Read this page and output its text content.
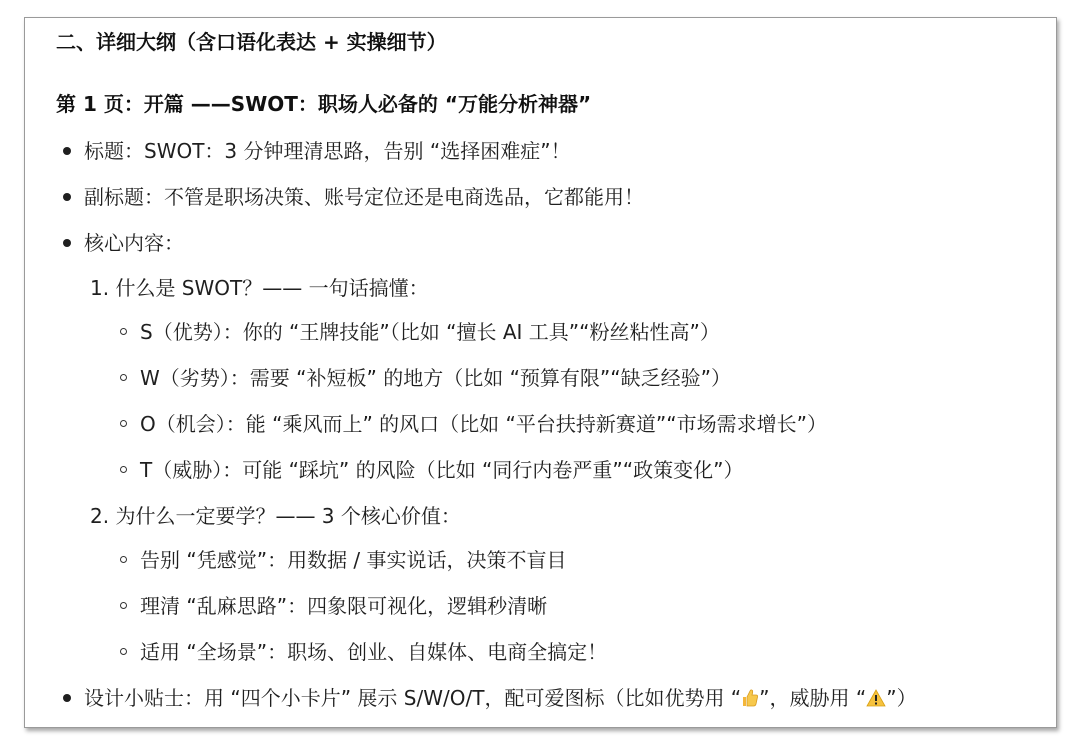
二、详细大纲（含口语化表达 + 实操细节）
第 1 页：开篇 ——SWOT：职场人必备的 “万能分析神器”
标题：SWOT：3 分钟理清思路，告别 “选择困难症”！
副标题：不管是职场决策、账号定位还是电商选品，它都能用！
核心内容：
1. 什么是 SWOT？—— 一句话搞懂：
S（优势）：你的 “王牌技能”（比如 “擅长 AI 工具”“粉丝粘性高”）
W（劣势）：需要 “补短板” 的地方（比如 “预算有限”“缺乏经验”）
O（机会）：能 “乘风而上” 的风口（比如 “平台扶持新赛道”“市场需求增长”）
T（威胁）：可能 “踩坑” 的风险（比如 “同行内卷严重”“政策变化”）
2. 为什么一定要学？—— 3 个核心价值：
告别 “凭感觉”：用数据 / 事实说话，决策不盲目
理清 “乱麻思路”：四象限可视化，逻辑秒清晰
适用 “全场景”：职场、创业、自媒体、电商全搞定！
设计小贴士：用 “四个小卡片” 展示 S/W/O/T，配可爱图标（比如优势用 “ ”，威胁用 “ ”）
